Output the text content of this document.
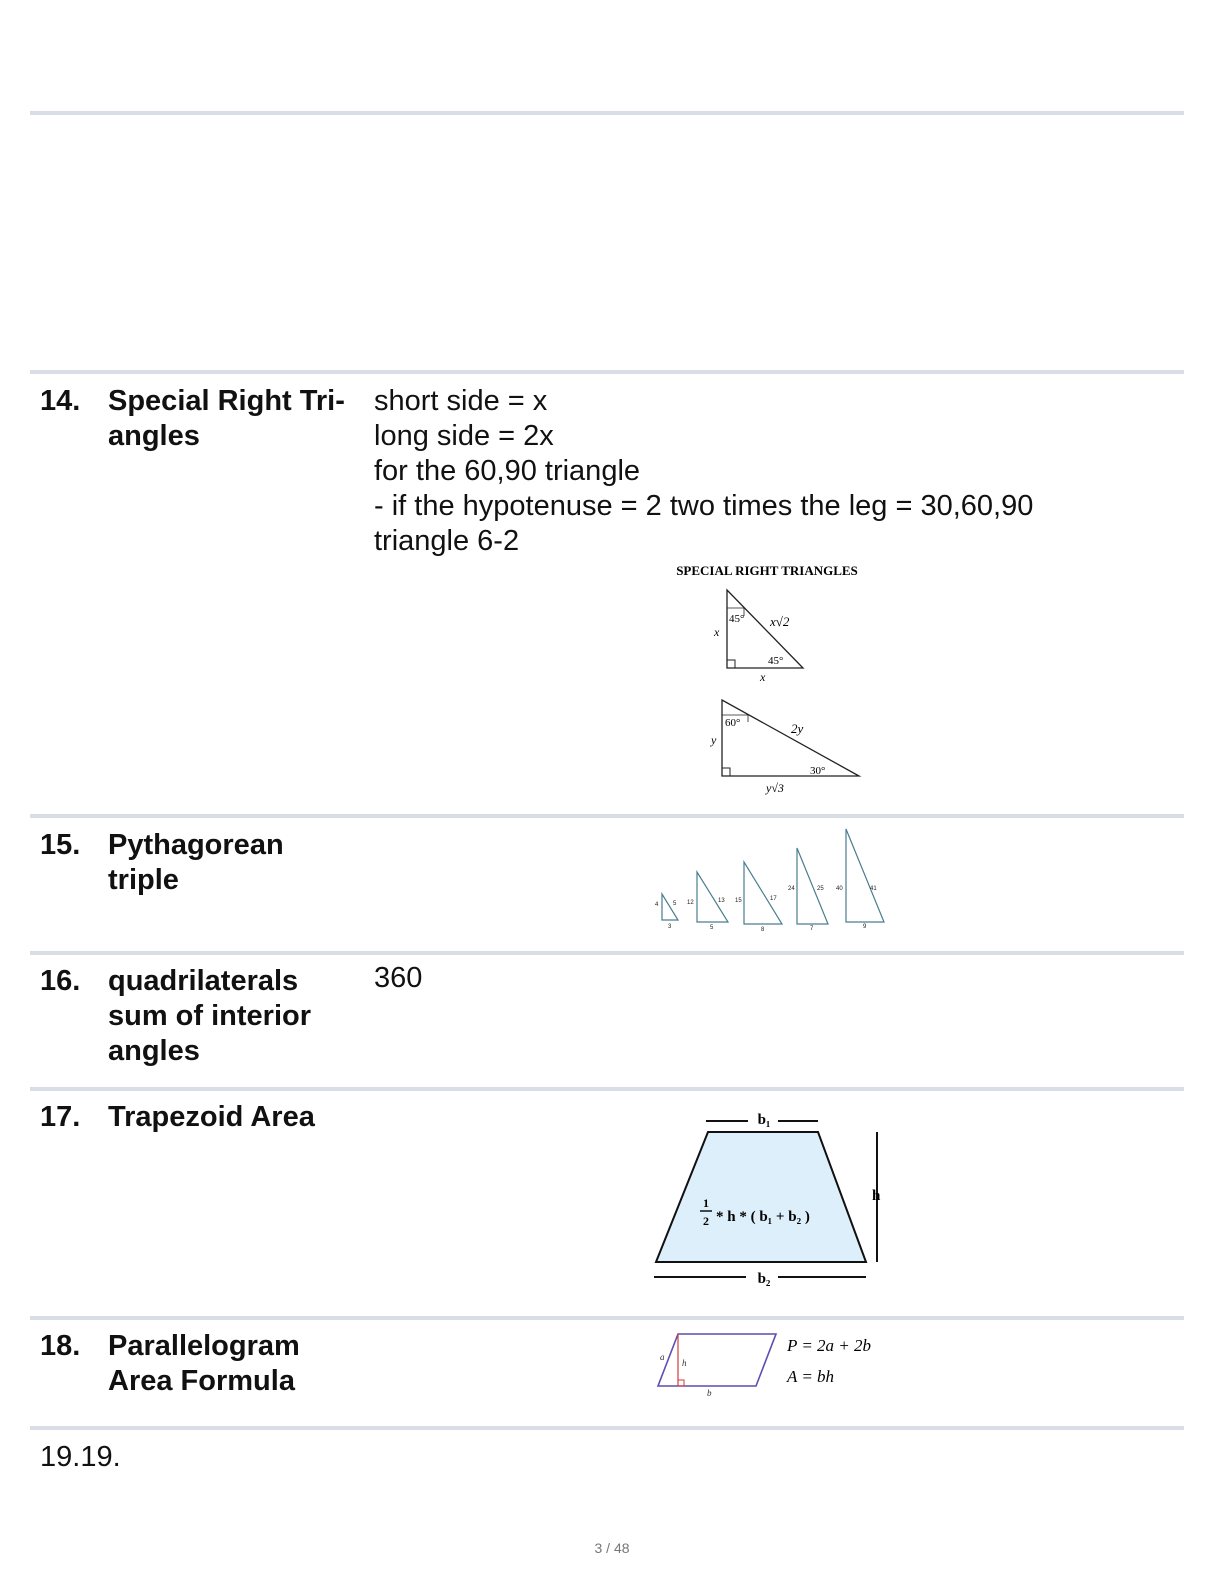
14. Special Right Tri-
angles
short side = x
long side = 2x
for the 60,90 triangle
- if the hypotenuse = 2 two times the leg = 30,60,90
triangle 6-2
SPECIAL RIGHT TRIANGLES
45° x√2
45°
x
x
60°	2y
30°
y
y√3
15. Pythagorean
triple
4 5
3
12	13
5
15	17
8
24	25
7
40	41
9
16. quadrilaterals
sum of interior
angles
360
17. Trapezoid Area	b₁
b₂
h
1
2 * h * ( b₁ + b₂ )
18. Parallelogram
Area Formula
a
h
b
P = 2a + 2b
A = bh
19.19.
3 / 48
